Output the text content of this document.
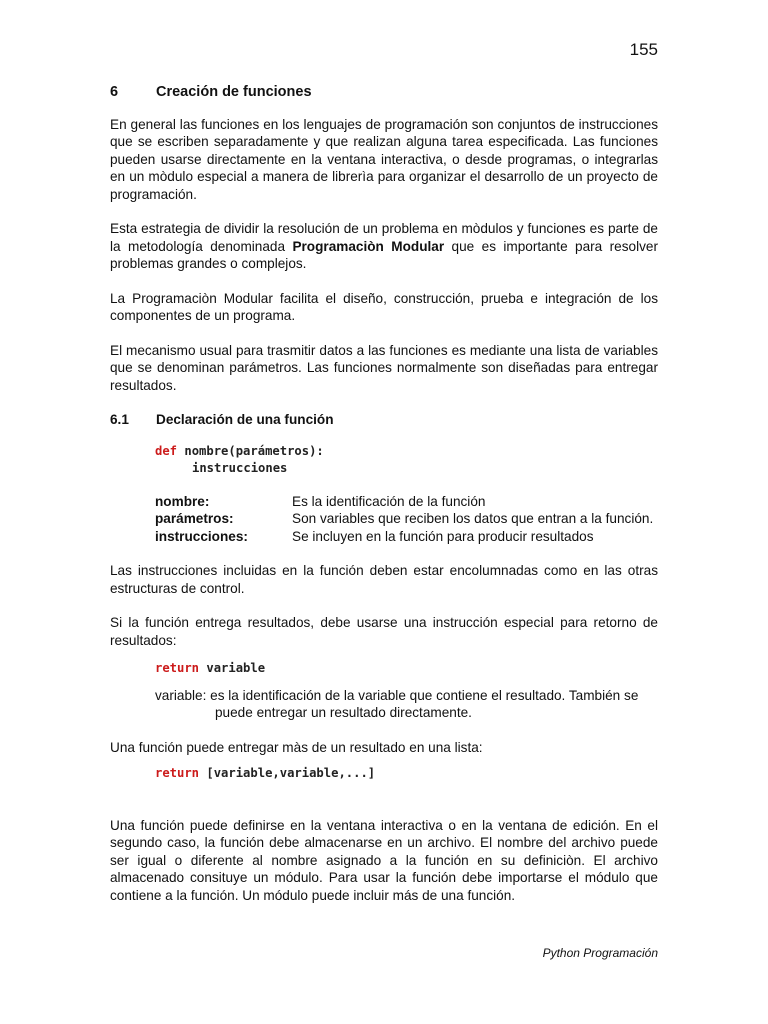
155
6	Creación de funciones

En general las funciones en los lenguajes de programación son conjuntos de instrucciones que se escriben separadamente y que realizan alguna tarea especificada. Las funciones pueden usarse directamente en la ventana interactiva, o desde programas, o integrarlas en un mòdulo especial a manera de librerìa para organizar el desarrollo de un proyecto de programación.

Esta estrategia de dividir la resolución de un problema en mòdulos y funciones es parte de la metodología denominada Programaciòn Modular que es importante para resolver problemas grandes o complejos.

La Programaciòn Modular facilita el diseño, construcción, prueba e integración de los componentes de un programa.

El mecanismo usual para trasmitir datos a las funciones es mediante una lista de variables que se denominan parámetros. Las funciones normalmente son diseñadas para entregar resultados.

6.1 Declaración de una función
def nombre(parámetros):
instrucciones
nombre:	Es la identificación de la función
parámetros:	Son variables que reciben los datos que entran a la función.
instrucciones:	Se incluyen en la función para producir resultados

Las instrucciones incluidas en la función deben estar encolumnadas como en las otras estructuras de control.

Si la función entrega resultados, debe usarse una instrucción especial para retorno de resultados:

return variable
variable: es la identificación de la variable que contiene el resultado. También se
puede entregar un resultado directamente.

Una función puede entregar màs de un resultado en una lista:

return [variable,variable,...]

Una función puede definirse en la ventana interactiva o en la ventana de edición. En el segundo caso, la función debe almacenarse en un archivo. El nombre del archivo puede ser igual o diferente al nombre asignado a la función en su definiciòn. El archivo almacenado consituye un módulo. Para usar la función debe importarse el módulo que contiene a la función. Un módulo puede incluir más de una función.

Python Programación
